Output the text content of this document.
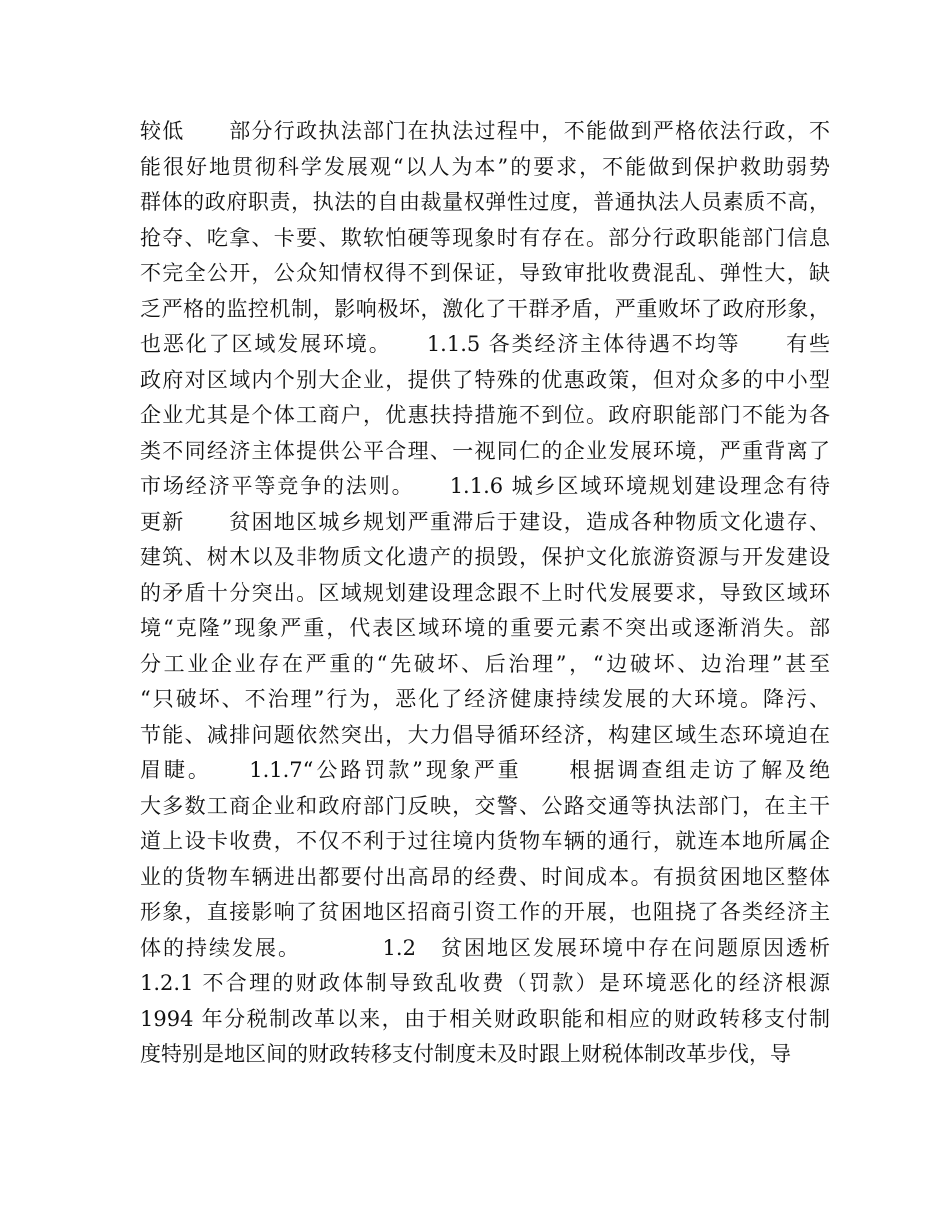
较低　　部分行政执法部门在执法过程中，不能做到严格依法行政，不
能很好地贯彻科学发展观“以人为本”的要求，不能做到保护救助弱势
群体的政府职责，执法的自由裁量权弹性过度，普通执法人员素质不高，
抢夺、吃拿、卡要、欺软怕硬等现象时有存在。部分行政职能部门信息
不完全公开，公众知情权得不到保证，导致审批收费混乱、弹性大，缺
乏严格的监控机制，影响极坏，激化了干群矛盾，严重败坏了政府形象，
也恶化了区域发展环境。　　1.1.5 各类经济主体待遇不均等　　有些
政府对区域内个别大企业，提供了特殊的优惠政策，但对众多的中小型
企业尤其是个体工商户，优惠扶持措施不到位。政府职能部门不能为各
类不同经济主体提供公平合理、一视同仁的企业发展环境，严重背离了
市场经济平等竞争的法则。　　1.1.6 城乡区域环境规划建设理念有待
更新　　贫困地区城乡规划严重滞后于建设，造成各种物质文化遗存、
建筑、树木以及非物质文化遗产的损毁，保护文化旅游资源与开发建设
的矛盾十分突出。区域规划建设理念跟不上时代发展要求，导致区域环
境“克隆”现象严重，代表区域环境的重要元素不突出或逐渐消失。部
分工业企业存在严重的“先破坏、后治理”，“边破坏、边治理”甚至
“只破坏、不治理”行为，恶化了经济健康持续发展的大环境。降污、
节能、减排问题依然突出，大力倡导循环经济，构建区域生态环境迫在
眉睫。　　1.1.7“公路罚款”现象严重　　根据调查组走访了解及绝
大多数工商企业和政府部门反映，交警、公路交通等执法部门，在主干
道上设卡收费，不仅不利于过往境内货物车辆的通行，就连本地所属企
业的货物车辆进出都要付出高昂的经费、时间成本。有损贫困地区整体
形象，直接影响了贫困地区招商引资工作的开展，也阻挠了各类经济主
体的持续发展。　　　　1.2　贫困地区发展环境中存在问题原因透析
1.2.1 不合理的财政体制导致乱收费（罚款）是环境恶化的经济根源
1994 年分税制改革以来，由于相关财政职能和相应的财政转移支付制
度特别是地区间的财政转移支付制度未及时跟上财税体制改革步伐，导
